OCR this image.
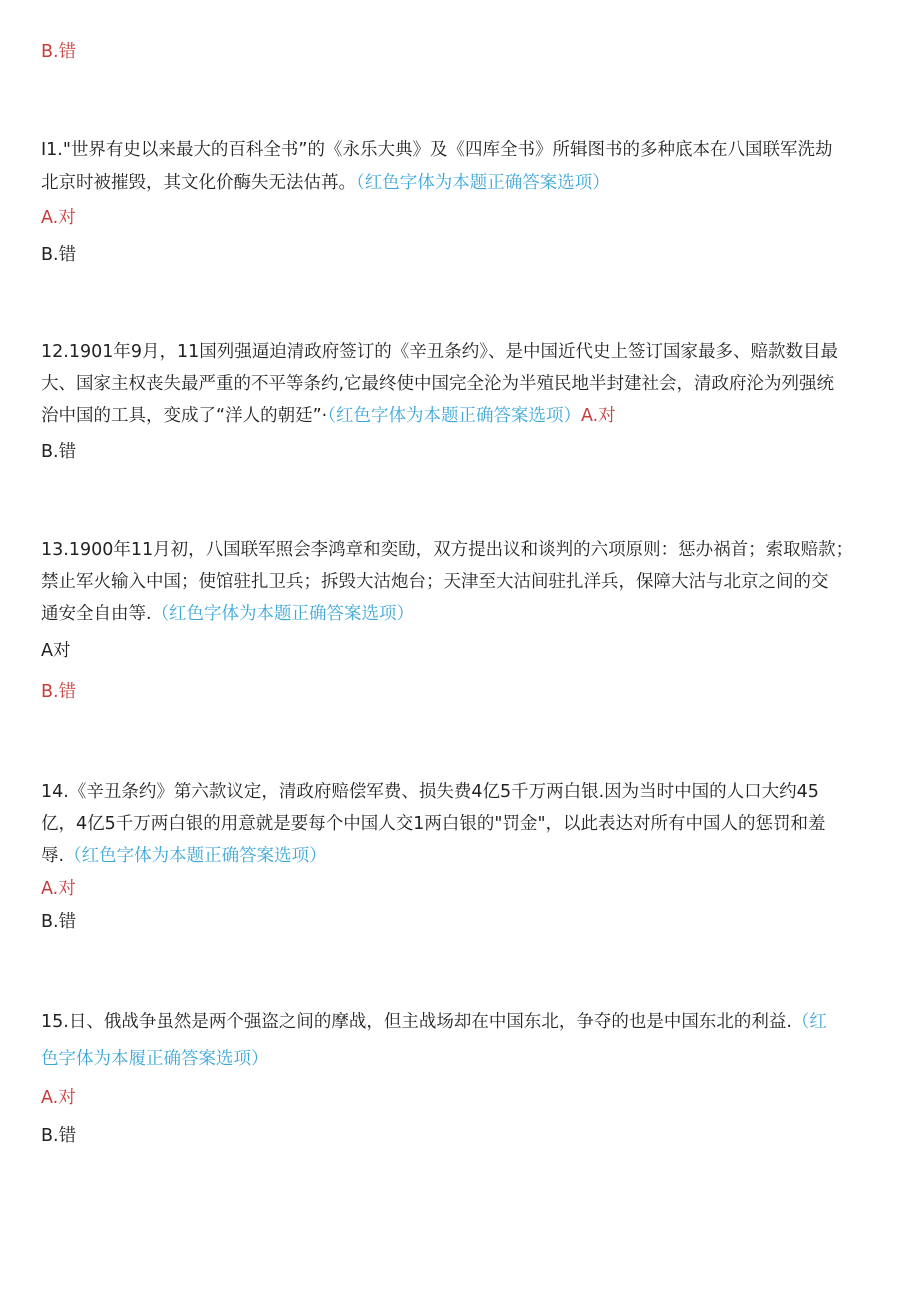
B.错
I1."世界有史以来最大的百科全书”的《永乐大典》及《四库全书》所辑图书的多种底本在八国联军洗劫
北京时被摧毁，其文化价酶失无法估苒。（红色字体为本题正确答案选项）
A.对
B.错
12.1901年9月，11国列强逼迫清政府签订的《辛丑条约》、是中国近代史上签订国家最多、赔款数目最
大、国家主权丧失最严重的不平等条约,它最终使中国完全沦为半殖民地半封建社会，清政府沦为列强统
治中国的工具，变成了“洋人的朝廷”·（红色字体为本题正确答案选项）A.对
B.错
13.1900年11月初，八国联军照会李鸿章和奕劻，双方提出议和谈判的六项原则：惩办祸首；索取赔款；
禁止军火输入中国；使馆驻扎卫兵；拆毁大沽炮台；天津至大沽间驻扎洋兵，保障大沽与北京之间的交
通安全自由等.（红色字体为本题正确答案选项）
A对
B.错
14.《辛丑条约》第六款议定，清政府赔偿军费、损失费4亿5千万两白银.因为当时中国的人口大约45
亿，4亿5千万两白银的用意就是要每个中国人交1两白银的"罚金"，以此表达对所有中国人的惩罚和羞
辱.（红色字体为本题正确答案选项）
A.对
B.错
15.日、俄战争虽然是两个强盗之间的摩战，但主战场却在中国东北，争夺的也是中国东北的利益.（红
色字体为本履正确答案选项）
A.对
B.错
